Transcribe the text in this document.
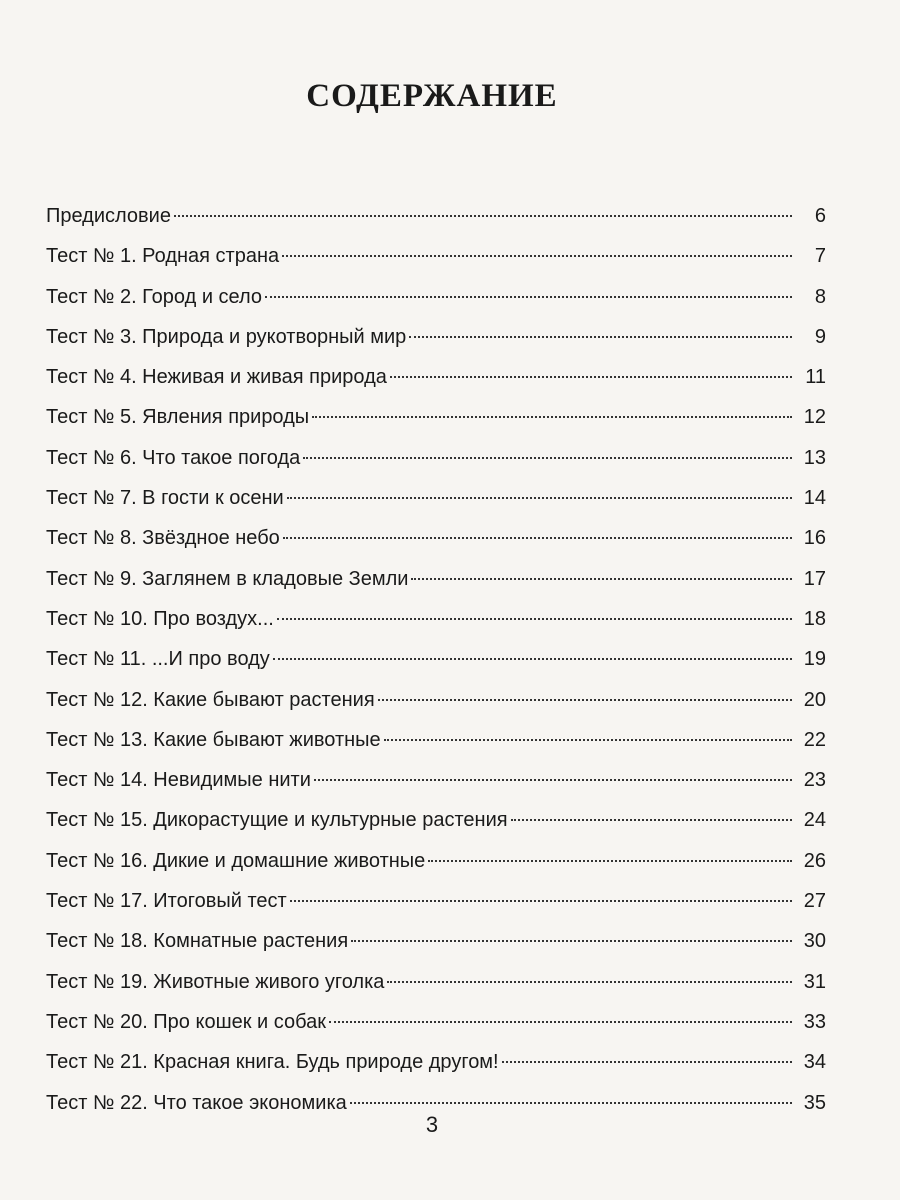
СОДЕРЖАНИЕ
Предисловие	6
Тест № 1. Родная страна	7
Тест № 2. Город и село	8
Тест № 3. Природа и рукотворный мир	9
Тест № 4. Неживая и живая природа	11
Тест № 5. Явления природы	12
Тест № 6. Что такое погода	13
Тест № 7. В гости к осени	14
Тест № 8. Звёздное небо	16
Тест № 9. Заглянем в кладовые Земли	17
Тест № 10. Про воздух...	18
Тест № 11. ...И про воду	19
Тест № 12. Какие бывают растения	20
Тест № 13. Какие бывают животные	22
Тест № 14. Невидимые нити	23
Тест № 15. Дикорастущие и культурные растения	24
Тест № 16. Дикие и домашние животные	26
Тест № 17. Итоговый тест	27
Тест № 18. Комнатные растения	30
Тест № 19. Животные живого уголка	31
Тест № 20. Про кошек и собак	33
Тест № 21. Красная книга. Будь природе другом!	34
Тест № 22. Что такое экономика	35
3
